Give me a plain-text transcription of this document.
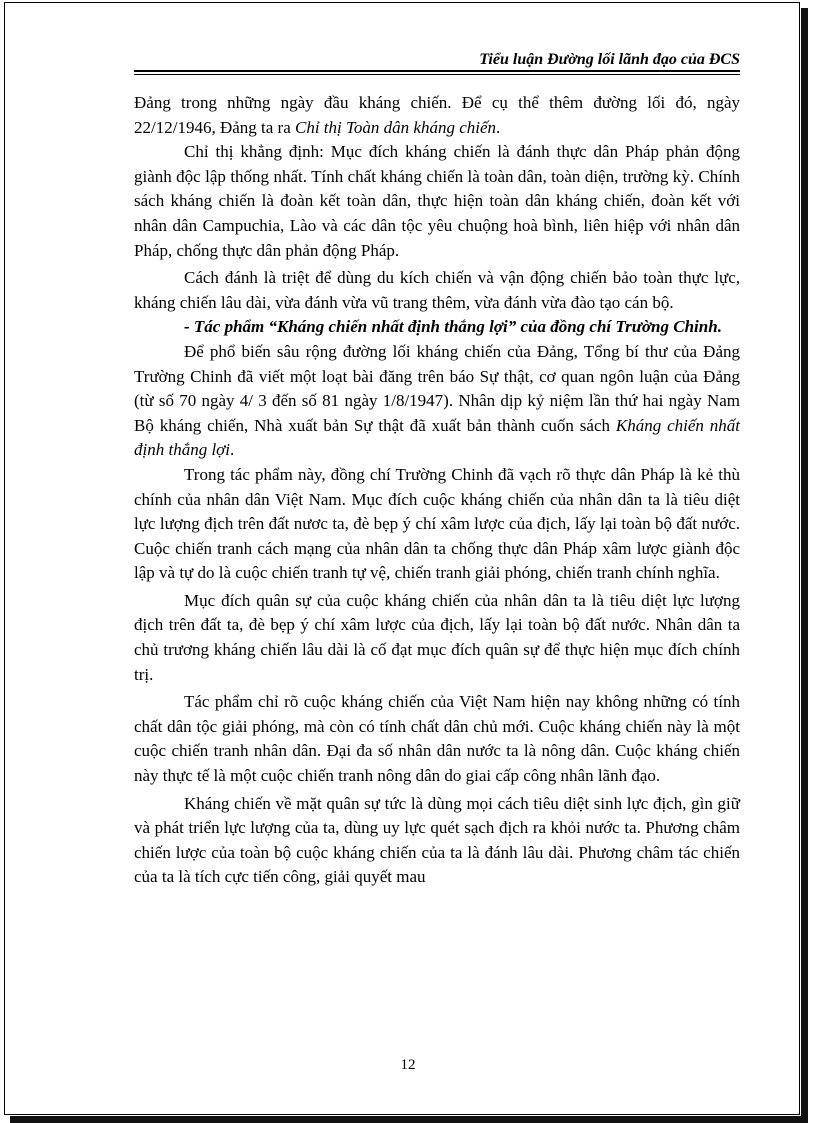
Tiểu luận Đường lối lãnh đạo của ĐCS

Đảng trong những ngày đầu kháng chiến. Để cụ thể thêm đường lối đó, ngày 22/12/1946, Đảng ta ra Chỉ thị Toàn dân kháng chiến.

Chỉ thị khẳng định: Mục đích kháng chiến là đánh thực dân Pháp phản động giành độc lập thống nhất. Tính chất kháng chiến là toàn dân, toàn diện, trường kỳ. Chính sách kháng chiến là đoàn kết toàn dân, thực hiện toàn dân kháng chiến, đoàn kết với nhân dân Campuchia, Lào và các dân tộc yêu chuộng hoà bình, liên hiệp với nhân dân Pháp, chống thực dân phản động Pháp.

Cách đánh là triệt để dùng du kích chiến và vận động chiến bảo toàn thực lực, kháng chiến lâu dài, vừa đánh vừa vũ trang thêm, vừa đánh vừa đào tạo cán bộ.

- Tác phẩm “Kháng chiến nhất định thắng lợi” của đồng chí Trường Chinh.

Để phổ biến sâu rộng đường lối kháng chiến của Đảng, Tổng bí thư của Đảng Trường Chinh đã viết một loạt bài đăng trên báo Sự thật, cơ quan ngôn luận của Đảng (từ số 70 ngày 4/ 3 đến số 81 ngày 1/8/1947). Nhân dịp kỷ niệm lần thứ hai ngày Nam Bộ kháng chiến, Nhà xuất bản Sự thật đã xuất bản thành cuốn sách Kháng chiến nhất định thắng lợi.

Trong tác phẩm này, đồng chí Trường Chinh đã vạch rõ thực dân Pháp là kẻ thù chính của nhân dân Việt Nam. Mục đích cuộc kháng chiến của nhân dân ta là tiêu diệt lực lượng địch trên đất nươc ta, đè bẹp ý chí xâm lược của địch, lấy lại toàn bộ đất nước. Cuộc chiến tranh cách mạng của nhân dân ta chống thực dân Pháp xâm lược giành độc lập và tự do là cuộc chiến tranh tự vệ, chiến tranh giải phóng, chiến tranh chính nghĩa.

Mục đích quân sự của cuộc kháng chiến của nhân dân ta là tiêu diệt lực lượng địch trên đất ta, đè bẹp ý chí xâm lược của địch, lấy lại toàn bộ đất nước. Nhân dân ta chủ trương kháng chiến lâu dài là cố đạt mục đích quân sự để thực hiện mục đích chính trị.

Tác phẩm chỉ rõ cuộc kháng chiến của Việt Nam hiện nay không những có tính chất dân tộc giải phóng, mà còn có tính chất dân chủ mới. Cuộc kháng chiến này là một cuộc chiến tranh nhân dân. Đại đa số nhân dân nước ta là nông dân. Cuộc kháng chiến này thực tế là một cuộc chiến tranh nông dân do giai cấp công nhân lãnh đạo.

Kháng chiến về mặt quân sự tức là dùng mọi cách tiêu diệt sinh lực địch, gìn giữ và phát triển lực lượng của ta, dùng uy lực quét sạch địch ra khỏi nước ta. Phương châm chiến lược của toàn bộ cuộc kháng chiến của ta là đánh lâu dài. Phương châm tác chiến của ta là tích cực tiến công, giải quyết mau

12
